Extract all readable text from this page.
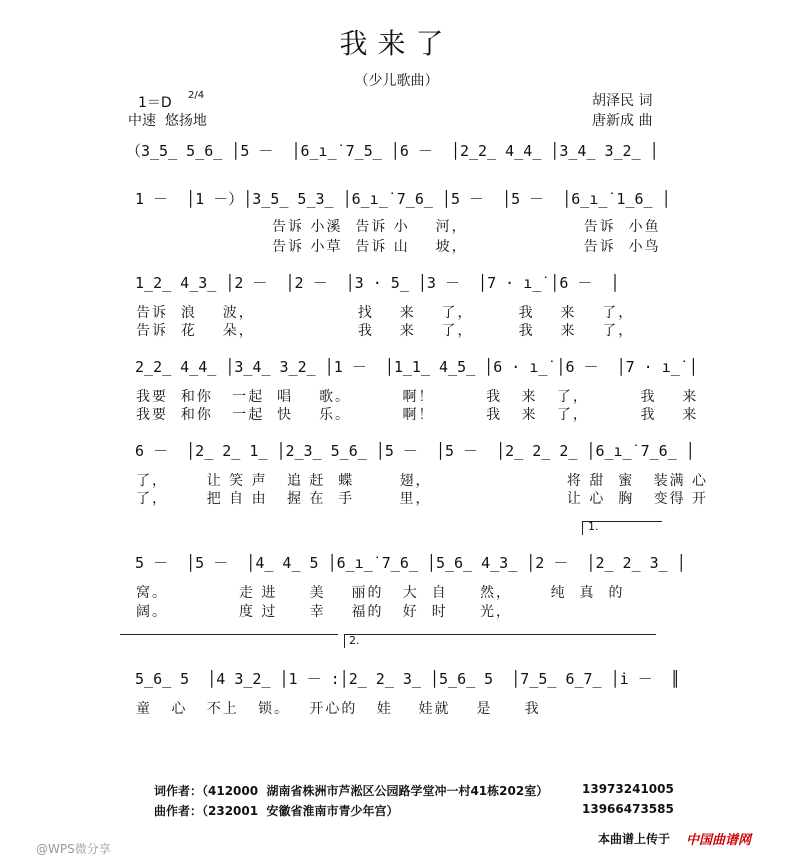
我来了
（少儿歌曲）
1＝D 2/4
中速  悠扬地
胡泽民 词
唐新成 曲
（3̲5̲ 5̲6̲ │5 －  │6̲i̲̇ 7̲5̲ │6 －  │2̲2̲ 4̲4̲ │3̲4̲ 3̲2̲ │
1 －  │1 －）│3̲5̲ 5̲3̲ │6̲i̲̇ 7̲6̲ │5 －  │5 －  │6̲i̲̇ 1̲6̲ │
告诉 小溪  告诉 小    河，                  告诉  小鱼
告诉 小草  告诉 山    坡，                  告诉  小鸟
1̲2̲ 4̲3̲ │2 －  │2 －  │3 · 5̲ │3 －  │7 · i̲̇ │6 －  │
告诉  浪    波，                找    来    了，       我    来    了，
告诉  花    朵，                我    来    了，       我    来    了，
2̲2̲ 4̲4̲ │3̲4̲ 3̲2̲ │1 －  │1̲1̲ 4̲5̲ │6 · i̲̇ │6 －  │7 · i̲̇ │
我要  和你   一起  唱    歌。        啊！        我   来   了，        我    来
我要  和你   一起  快    乐。        啊！        我   来   了，        我    来
6 －  │2̲ 2̲ 1̲ │2̲3̲ 5̲6̲ │5 －  │5 －  │2̲ 2̲ 2̲ │6̲i̲̇ 7̲6̲ │
了，      让 笑 声   追 赶  蝶       翅，                     将 甜  蜜   装满 心
了，      把 自 由   握 在  手       里，                     让 心  胸   变得 开
1.
5 －  │5 －  │4̲ 4̲ 5 │6̲i̲̇ 7̲6̲ │5̲6̲ 4̲3̲ │2 －  │2̲ 2̲ 3̲ │
窝。           走 进     美    丽的   大  自     然，      纯  真  的
阔。           度 过     幸    福的   好  时     光，
2.
5̲6̲ 5  │4 3̲2̲ │1 － :│2̲ 2̲ 3̲ │5̲6̲ 5  │7̲5̲ 6̲7̲ │i̇ －  ║
童   心   不上   锁。   开心的   娃    娃就    是     我
词作者：（412000  湖南省株洲市芦淞区公园路学堂冲一村41栋202室）	13973241005
曲作者：（232001  安徽省淮南市青少年宫）	13966473585
@WPS微分享
本曲谱上传于 中国曲谱网
